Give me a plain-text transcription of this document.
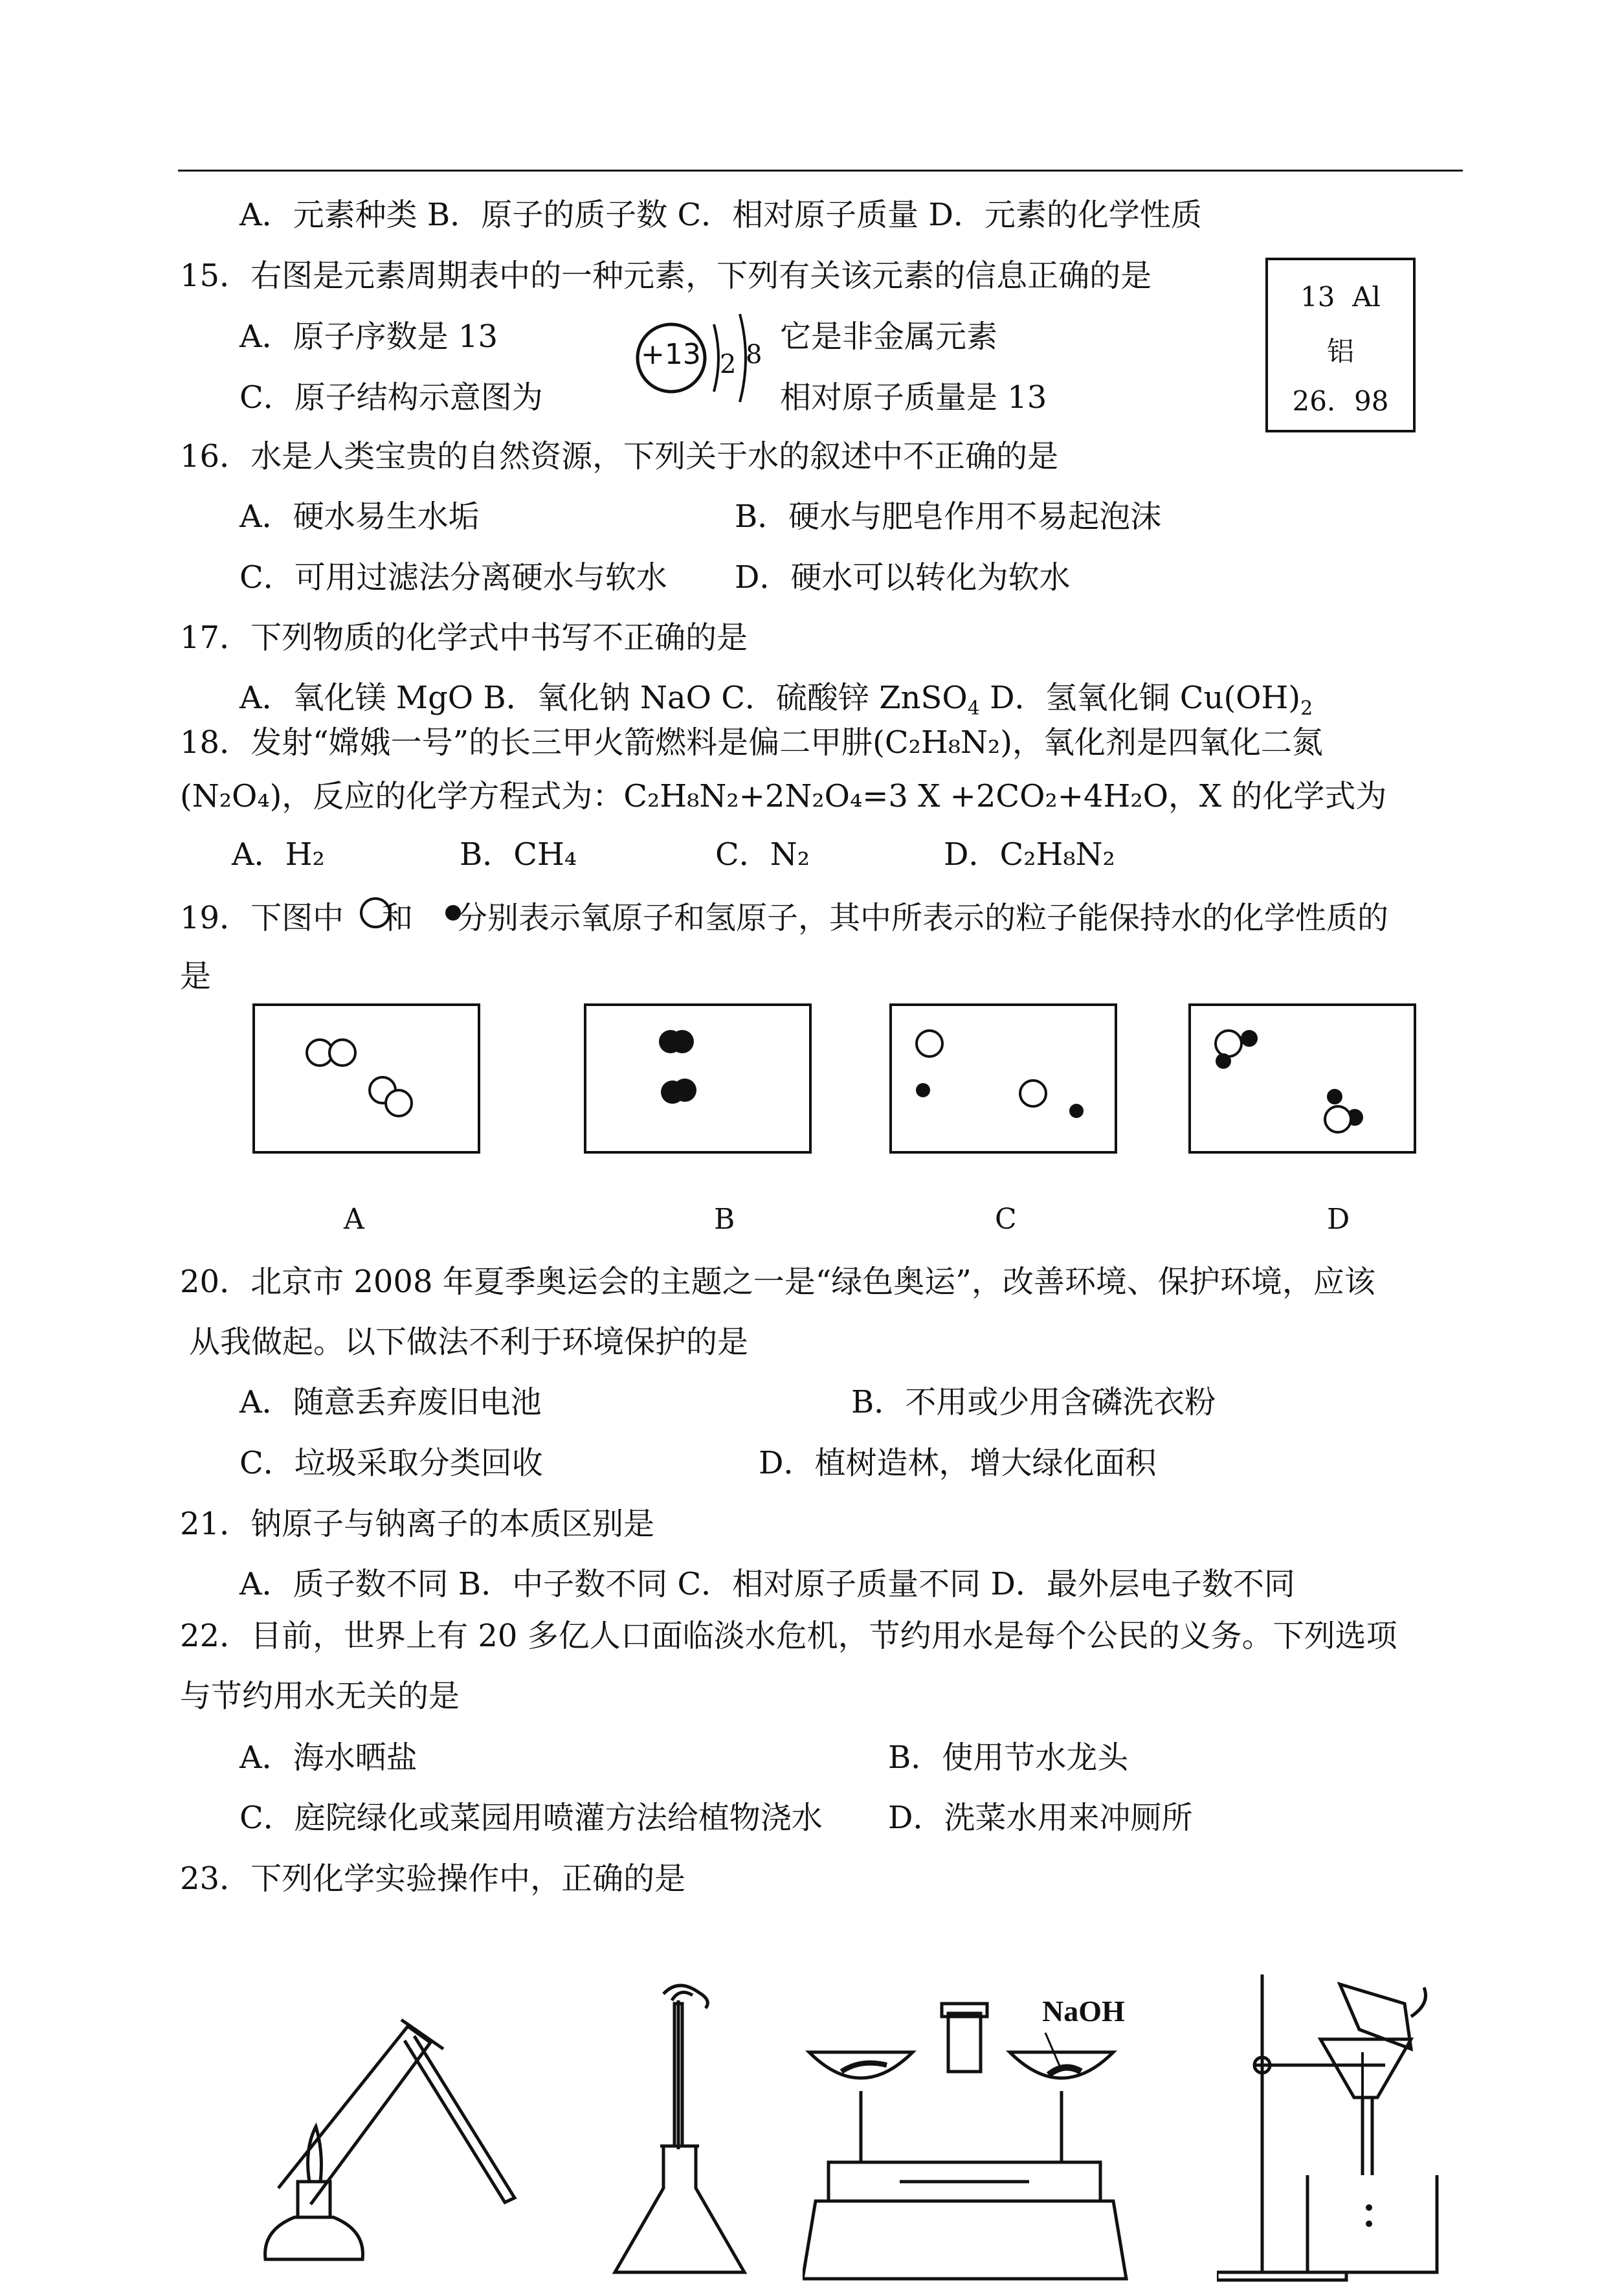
A．元素种类 B．原子的质子数 C．相对原子质量 D．元素的化学性质
15．右图是元素周期表中的一种元素，下列有关该元素的信息正确的是
A．原子序数是 13	它是非金属元素
C．原子结构示意图为	相对原子质量是 13
+13 2 8
13 Al
铝
26．98
16．水是人类宝贵的自然资源，下列关于水的叙述中不正确的是
A．硬水易生水垢	B．硬水与肥皂作用不易起泡沫
C．可用过滤法分离硬水与软水 D．硬水可以转化为软水
17．下列物质的化学式中书写不正确的是
A．氧化镁 MgO B．氧化钠 NaO C．硫酸锌 ZnSO$_4$ D．氢氧化铜 $Cu(OH)_2$
18．发射“嫦娥一号”的长三甲火箭燃料是偏二甲肼(C₂H₈N₂)，氧化剂是四氧化二氮
(N₂O₄)，反应的化学方程式为：C₂H₈N₂+2N₂O₄=3 X +2CO₂+4H₂O，X 的化学式为
A．H₂	B．CH₄	C．N₂	D．C₂H₈N₂
19．下图中 和 分别表示氧原子和氢原子，其中所表示的粒子能保持水的化学性质的
是
A	B	C	D
20．北京市 2008 年夏季奥运会的主题之一是“绿色奥运”，改善环境、保护环境，应该
从我做起。以下做法不利于环境保护的是
A．随意丢弃废旧电池	B．不用或少用含磷洗衣粉
C．垃圾采取分类回收	D．植树造林，增大绿化面积
21．钠原子与钠离子的本质区别是
A．质子数不同 B．中子数不同 C．相对原子质量不同 D．最外层电子数不同
22．目前，世界上有 20 多亿人口面临淡水危机，节约用水是每个公民的义务。下列选项
与节约用水无关的是
A．海水晒盐	B．使用节水龙头
C．庭院绿化或菜园用喷灌方法给植物浇水 D．洗菜水用来冲厕所
23．下列化学实验操作中，正确的是
NaOH
